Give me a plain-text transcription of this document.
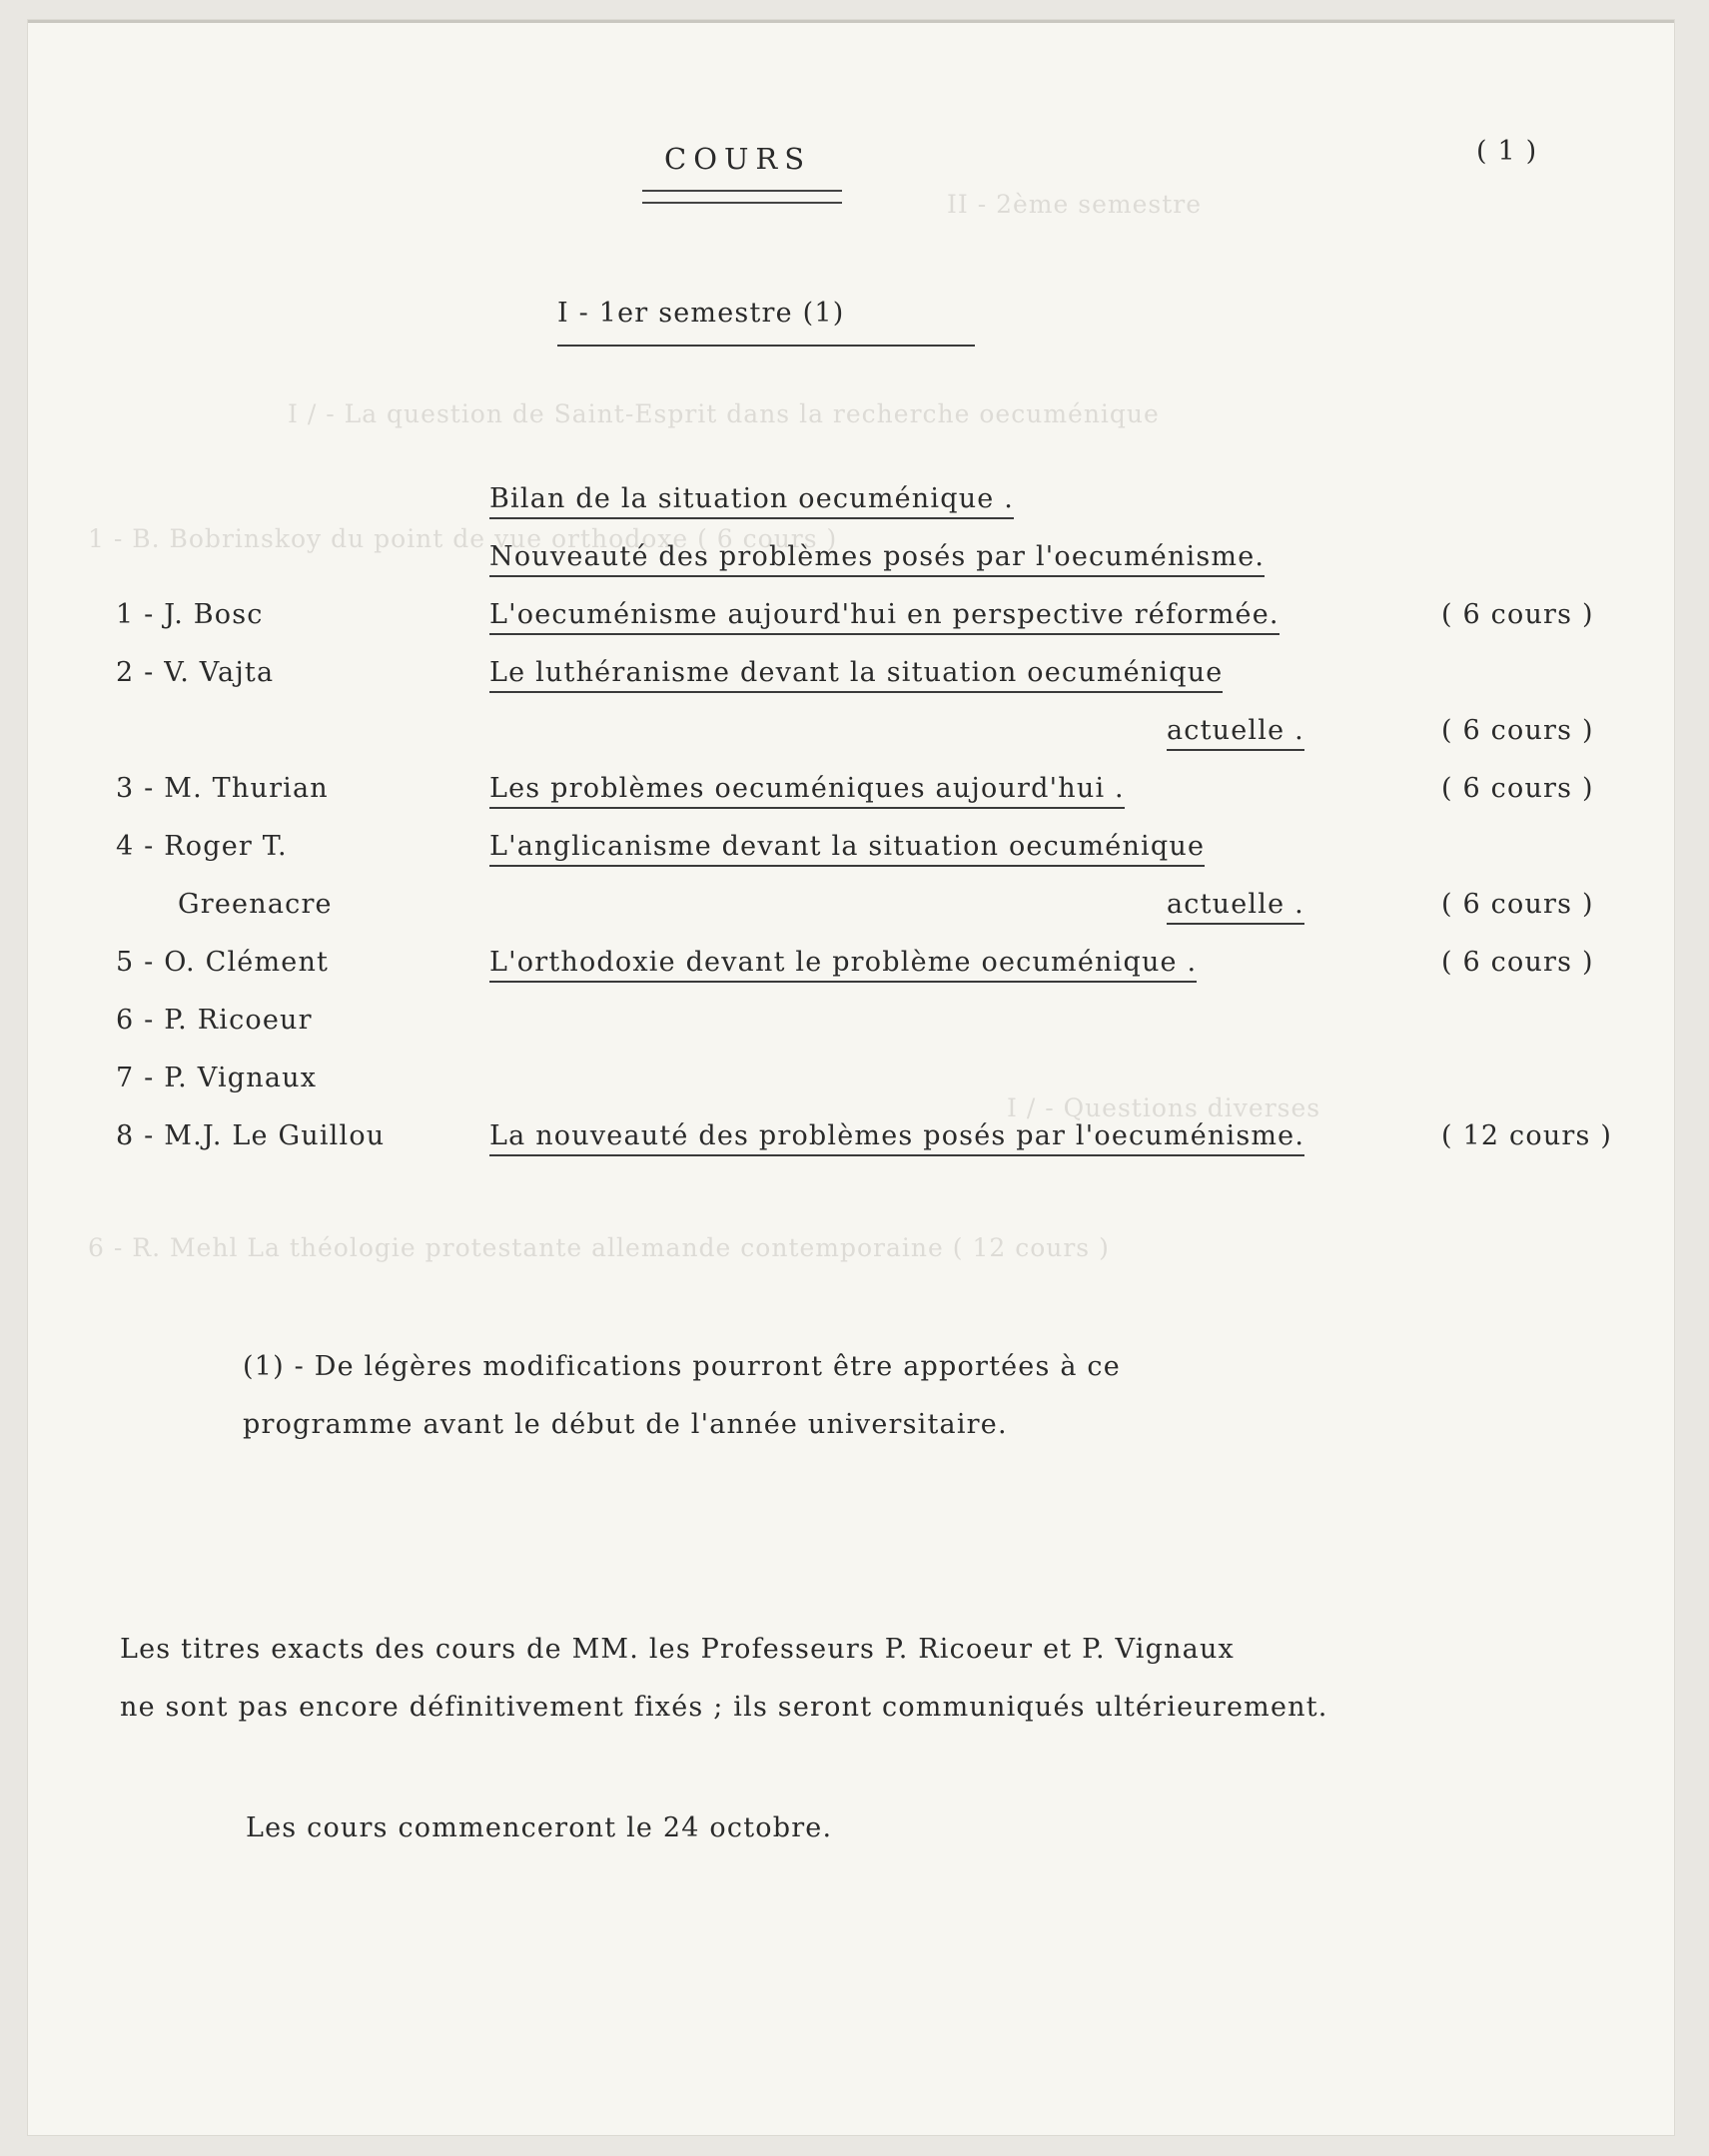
II - 2ème semestre
I / - La question de Saint-Esprit dans la recherche oecuménique
1 - B. Bobrinskoy du point de vue orthodoxe ( 6 cours )
I / - Questions diverses
6 - R. Mehl La théologie protestante allemande contemporaine ( 12 cours )
COURS	( 1 )
I - 1er semestre (1)
Bilan de la situation oecuménique .
Nouveauté des problèmes posés par l'oecuménisme.
1 - J. Bosc	L'oecuménisme aujourd'hui en perspective réformée.	( 6 cours )
2 - V. Vajta	Le luthéranisme devant la situation oecuménique
actuelle .	( 6 cours )
3 - M. Thurian	Les problèmes oecuméniques aujourd'hui .	( 6 cours )
4 - Roger T.	L'anglicanisme devant la situation oecuménique
Greenacre	actuelle .	( 6 cours )
5 - O. Clément	L'orthodoxie devant le problème oecuménique .	( 6 cours )
6 - P. Ricoeur
7 - P. Vignaux
8 - M.J. Le Guillou	La nouveauté des problèmes posés par l'oecuménisme.	( 12 cours )
(1) - De légères modifications pourront être apportées à ce
programme avant le début de l'année universitaire.
Les titres exacts des cours de MM. les Professeurs P. Ricoeur et P. Vignaux
ne sont pas encore définitivement fixés ; ils seront communiqués ultérieurement.
Les cours commenceront le 24 octobre.
